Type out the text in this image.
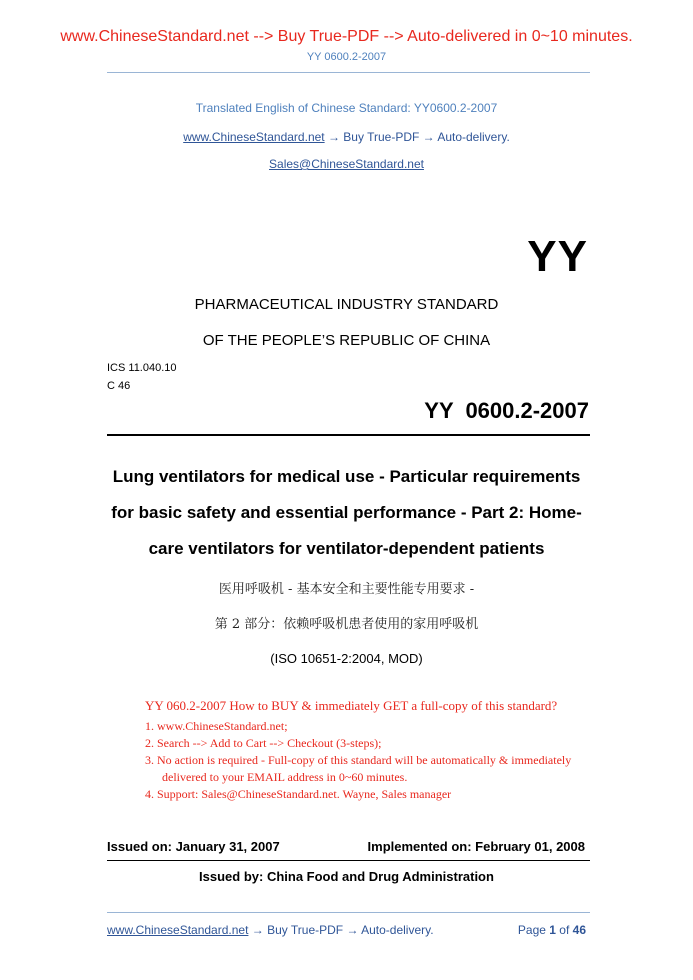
www.ChineseStandard.net --> Buy True-PDF --> Auto-delivered in 0~10 minutes.
YY 0600.2-2007
Translated English of Chinese Standard: YY0600.2-2007
www.ChineseStandard.net → Buy True-PDF → Auto-delivery.
Sales@ChineseStandard.net
YY
PHARMACEUTICAL INDUSTRY STANDARD
OF THE PEOPLE’S REPUBLIC OF CHINA
ICS 11.040.10
C 46
YY  0600.2-2007
Lung ventilators for medical use - Particular requirements
for basic safety and essential performance - Part 2: Home-
care ventilators for ventilator-dependent patients
医用呼吸机 ‐ 基本安全和主要性能专用要求 ‐
第 2 部分：依赖呼吸机患者使用的家用呼吸机
(ISO 10651-2:2004, MOD)
YY 060.2-2007 How to BUY & immediately GET a full-copy of this standard?
1. www.ChineseStandard.net;
2. Search --> Add to Cart --> Checkout (3-steps);
3. No action is required - Full-copy of this standard will be automatically & immediately delivered to your EMAIL address in 0~60 minutes.
4. Support: Sales@ChineseStandard.net. Wayne, Sales manager
Issued on: January 31, 2007	Implemented on: February 01, 2008
Issued by: China Food and Drug Administration
www.ChineseStandard.net → Buy True-PDF → Auto-delivery.	Page 1 of 46
